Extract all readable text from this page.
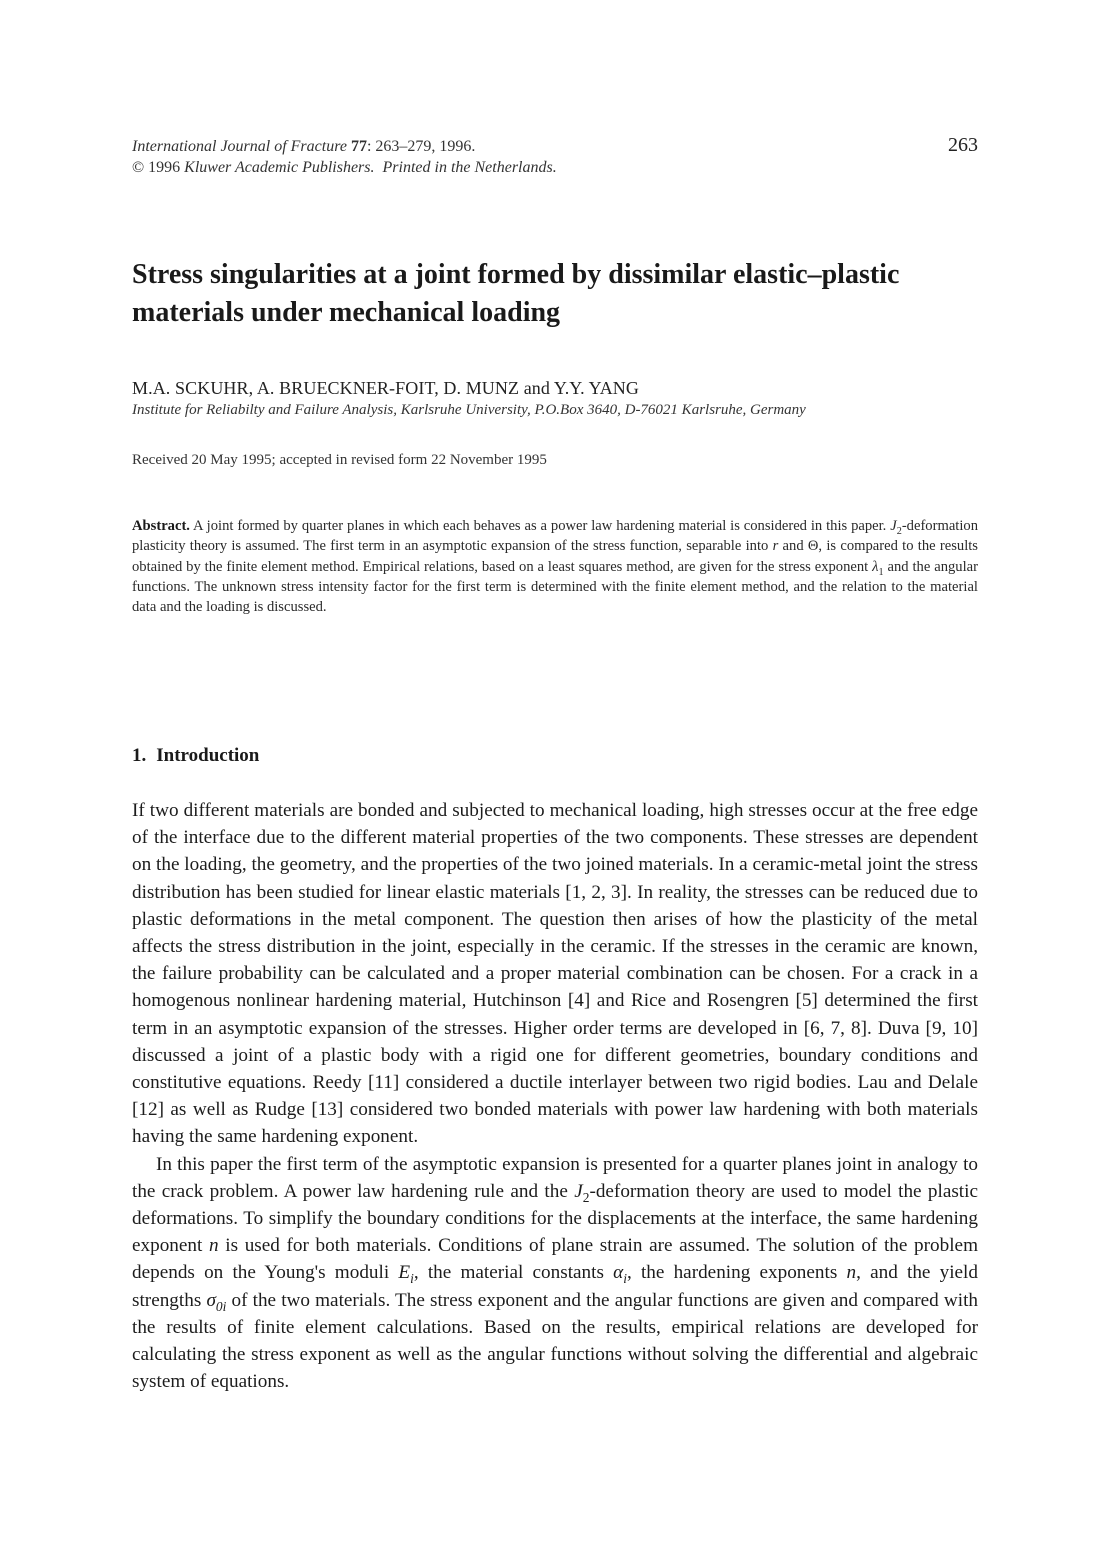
International Journal of Fracture 77: 263–279, 1996.
© 1996 Kluwer Academic Publishers. Printed in the Netherlands.
263
Stress singularities at a joint formed by dissimilar elastic–plastic materials under mechanical loading
M.A. SCKUHR, A. BRUECKNER-FOIT, D. MUNZ and Y.Y. YANG
Institute for Reliabilty and Failure Analysis, Karlsruhe University, P.O.Box 3640, D-76021 Karlsruhe, Germany
Received 20 May 1995; accepted in revised form 22 November 1995

Abstract. A joint formed by quarter planes in which each behaves as a power law hardening material is considered in this paper. $J_2$-deformation plasticity theory is assumed. The first term in an asymptotic expansion of the stress function, separable into r and Θ, is compared to the results obtained by the finite element method. Empirical relations, based on a least squares method, are given for the stress exponent $\lambda_1$ and the angular functions. The unknown stress intensity factor for the first term is determined with the finite element method, and the relation to the material data and the loading is discussed.

1. Introduction

If two different materials are bonded and subjected to mechanical loading, high stresses occur at the free edge of the interface due to the different material properties of the two components. These stresses are dependent on the loading, the geometry, and the properties of the two joined materials. In a ceramic-metal joint the stress distribution has been studied for linear elastic materials [1, 2, 3]. In reality, the stresses can be reduced due to plastic deformations in the metal component. The question then arises of how the plasticity of the metal affects the stress distribution in the joint, especially in the ceramic. If the stresses in the ceramic are known, the failure probability can be calculated and a proper material combination can be chosen. For a crack in a homogenous nonlinear hardening material, Hutchinson [4] and Rice and Rosengren [5] determined the first term in an asymptotic expansion of the stresses. Higher order terms are developed in [6, 7, 8]. Duva [9, 10] discussed a joint of a plastic body with a rigid one for different geometries, boundary conditions and constitutive equations. Reedy [11] considered a ductile interlayer between two rigid bodies. Lau and Delale [12] as well as Rudge [13] considered two bonded materials with power law hardening with both materials having the same hardening exponent.

In this paper the first term of the asymptotic expansion is presented for a quarter planes joint in analogy to the crack problem. A power law hardening rule and the $J_2$-deformation theory are used to model the plastic deformations. To simplify the boundary conditions for the displacements at the interface, the same hardening exponent n is used for both materials. Conditions of plane strain are assumed. The solution of the problem depends on the Young's moduli $E_i$, the material constants $\alpha_i$, the hardening exponents n, and the yield strengths $\sigma_{0i}$ of the two materials. The stress exponent and the angular functions are given and compared with the results of finite element calculations. Based on the results, empirical relations are developed for calculating the stress exponent as well as the angular functions without solving the differential and algebraic system of equations.
